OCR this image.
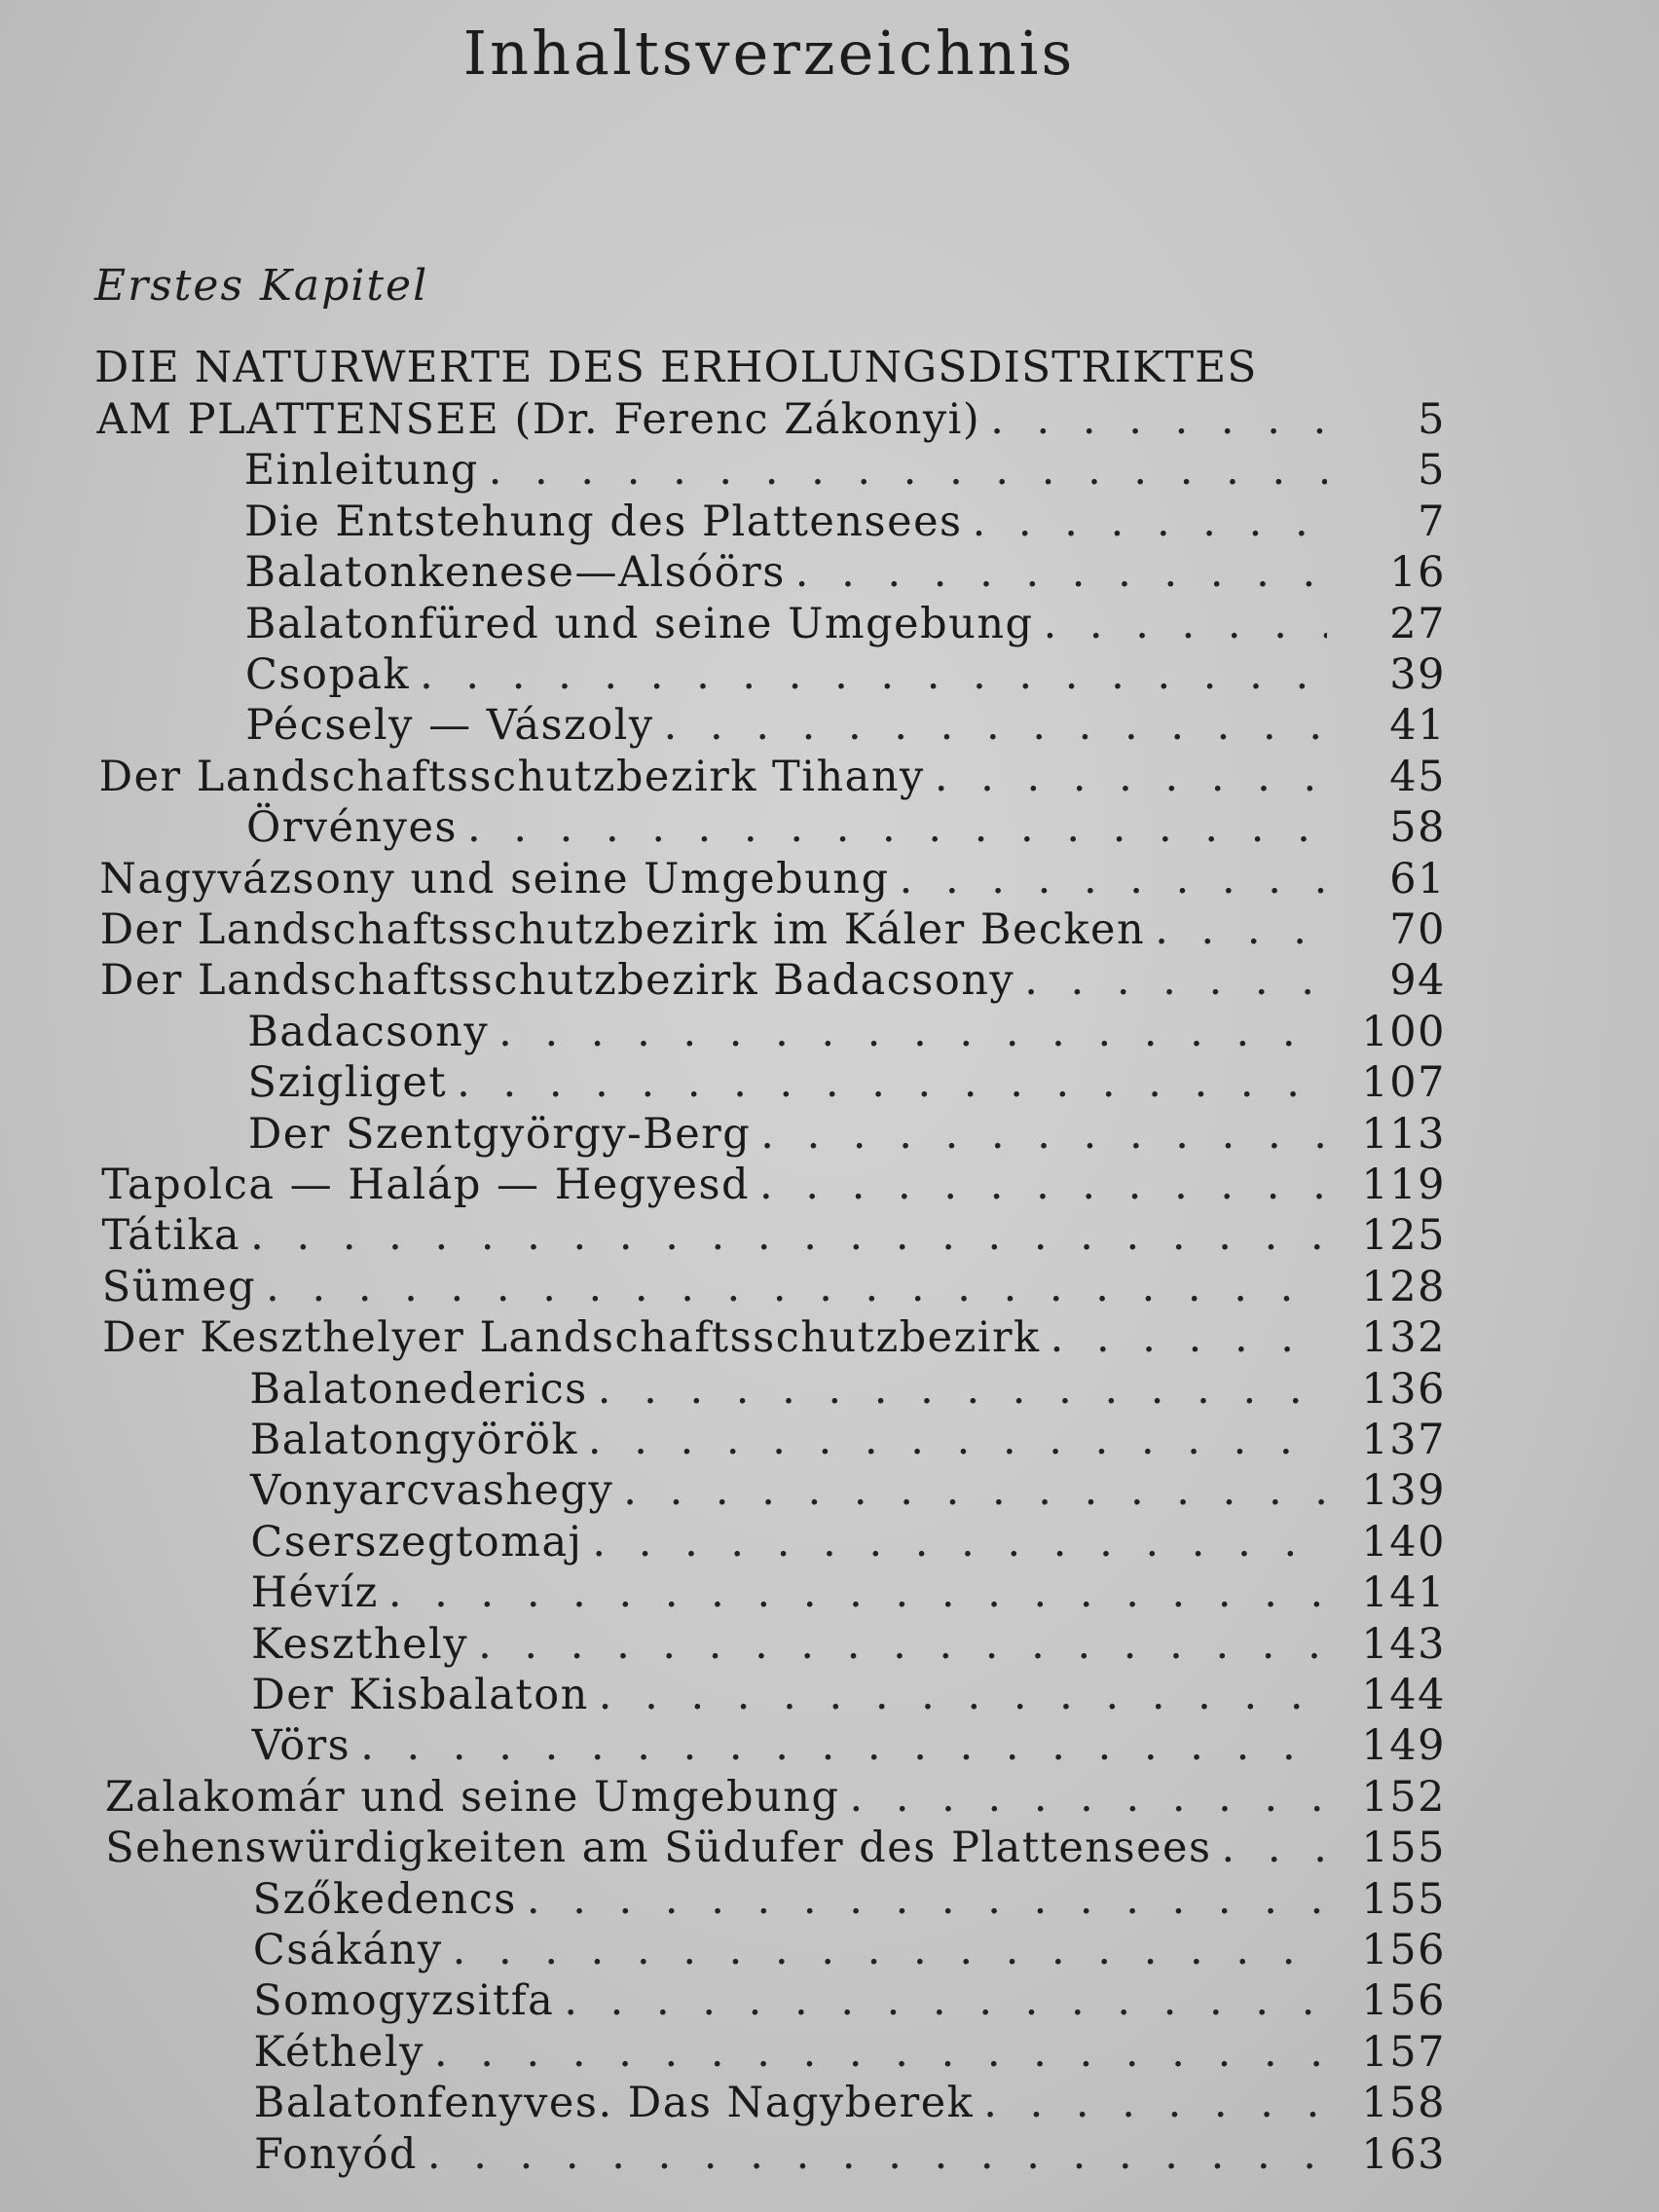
Inhaltsverzeichnis
Erstes Kapitel
DIE NATURWERTE DES ERHOLUNGSDISTRIKTES
AM PLATTENSEE (Dr. Ferenc Zákonyi) . . .	5
Einleitung . . .	5
Die Entstehung des Plattensees . . .	7
Balatonkenese—Alsóörs . . .	16
Balatonfüred und seine Umgebung . . .	27
Csopak . . .	39
Pécsely — Vászoly . . .	41
Der Landschaftsschutzbezirk Tihany . . .	45
Örvényes . . .	58
Nagyvázsony und seine Umgebung . . .	61
Der Landschaftsschutzbezirk im Káler Becken . . .	70
Der Landschaftsschutzbezirk Badacsony . . .	94
Badacsony . . .	100
Szigliget . . .	107
Der Szentgyörgy-Berg . . .	113
Tapolca — Haláp — Hegyesd . . .	119
Tátika . . .	125
Sümeg . . .	128
Der Keszthelyer Landschaftsschutzbezirk . . .	132
Balatonederics . . .	136
Balatongyörök . . .	137
Vonyarcvashegy . . .	139
Cserszegtomaj . . .	140
Hévíz . . .	141
Keszthely . . .	143
Der Kisbalaton . . .	144
Vörs . . .	149
Zalakomár und seine Umgebung . . .	152
Sehenswürdigkeiten am Südufer des Plattensees . . .	155
Szőkedencs . . .	155
Csákány . . .	156
Somogyzsitfa . . .	156
Kéthely . . .	157
Balatonfenyves. Das Nagyberek . . .	158
Fonyód . . .	163
